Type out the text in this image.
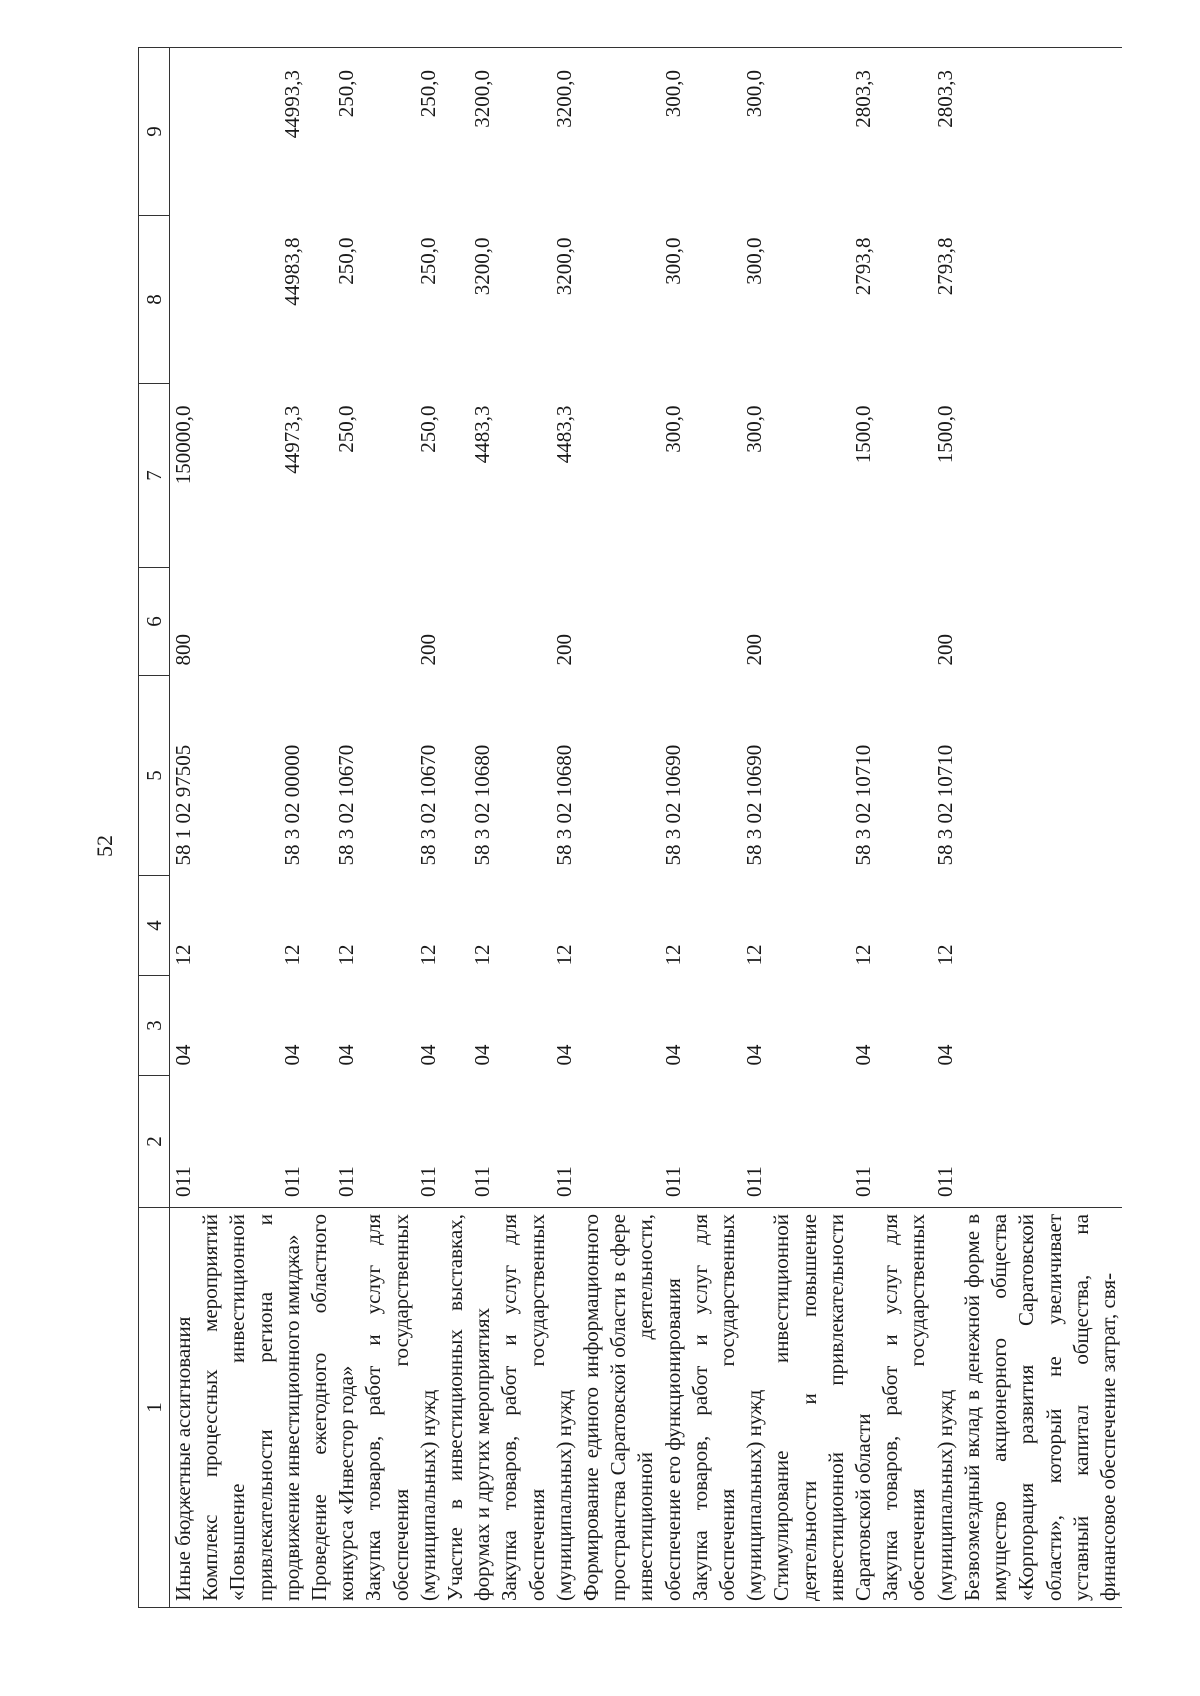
52
1	2	3	4	5	6	7	8	9
Иные бюджетные ассигнования	011	04	12	58 1 02 97505	800	150000,0		
Комплекс процессных мероприятий «Повышение инвестиционной привлекательности региона и продвижение инвестиционного имиджа»	011	04	12	58 3 02 00000		44973,3	44983,8	44993,3
Проведение ежегодного областного конкурса «Инвестор года»	011	04	12	58 3 02 10670		250,0	250,0	250,0
Закупка товаров, работ и услуг для обеспечения государственных (муниципальных) нужд	011	04	12	58 3 02 10670	200	250,0	250,0	250,0
Участие в инвестиционных выставках, форумах и других мероприятиях	011	04	12	58 3 02 10680		4483,3	3200,0	3200,0
Закупка товаров, работ и услуг для обеспечения государственных (муниципальных) нужд	011	04	12	58 3 02 10680	200	4483,3	3200,0	3200,0
Формирование единого информационного пространства Саратовской области в сфере инвестиционной деятельности, обеспечение его функционирования	011	04	12	58 3 02 10690		300,0	300,0	300,0
Закупка товаров, работ и услуг для обеспечения государственных (муниципальных) нужд	011	04	12	58 3 02 10690	200	300,0	300,0	300,0
Стимулирование инвестиционной деятельности и повышение инвестиционной привлекательности Саратовской области	011	04	12	58 3 02 10710		1500,0	2793,8	2803,3
Закупка товаров, работ и услуг для обеспечения государственных (муниципальных) нужд	011	04	12	58 3 02 10710	200	1500,0	2793,8	2803,3
Безвозмездный вклад в денежной форме в имущество акционерного общества «Корпорация развития Саратовской области», который не увеличивает уставный капитал общества, на финансовое обеспечение затрат, свя-								
